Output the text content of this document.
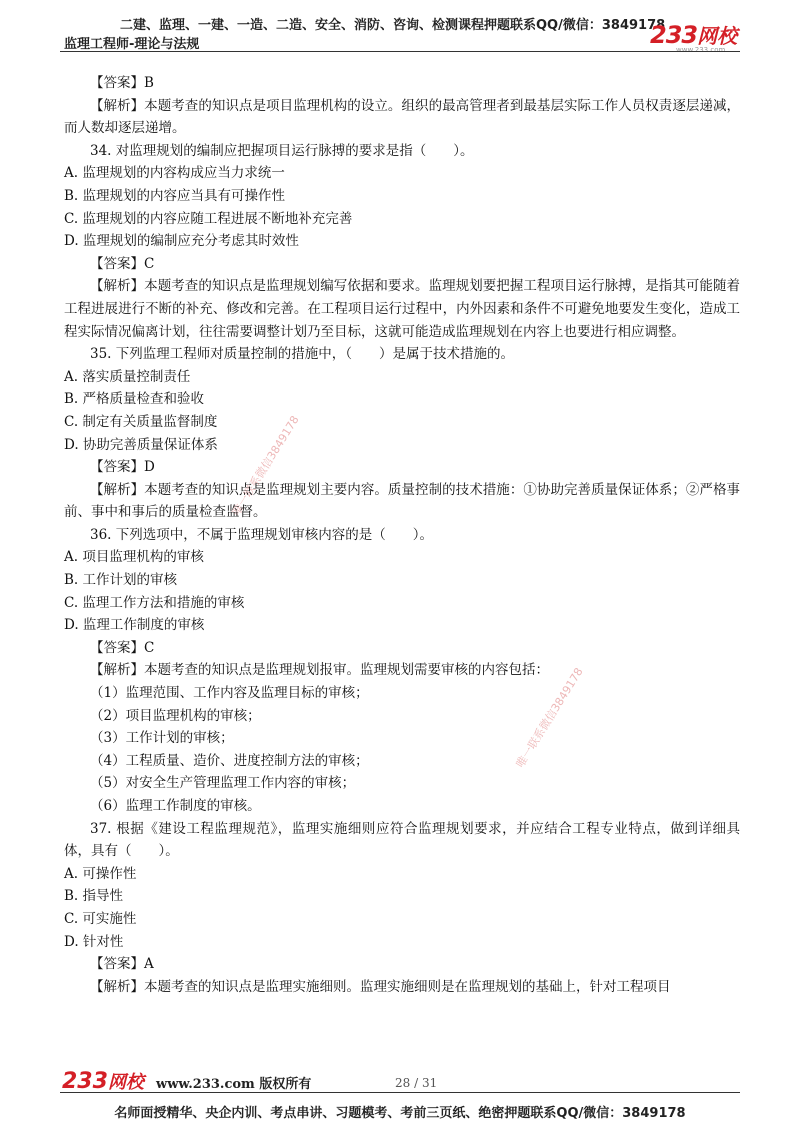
二建、监理、一建、一造、二造、安全、消防、咨询、检测课程押题联系QQ/微信：3849178
监理工程师-理论与法规	233网校
www.233.com
唯一联系微信3849178
唯一联系微信3849178
【答案】B
【解析】本题考查的知识点是项目监理机构的设立。组织的最高管理者到最基层实际工作人员权责逐层递减，而人数却逐层递增。
34. 对监理规划的编制应把握项目运行脉搏的要求是指（　　）。
A. 监理规划的内容构成应当力求统一
B. 监理规划的内容应当具有可操作性
C. 监理规划的内容应随工程进展不断地补充完善
D. 监理规划的编制应充分考虑其时效性
【答案】C
【解析】本题考查的知识点是监理规划编写依据和要求。监理规划要把握工程项目运行脉搏，是指其可能随着工程进展进行不断的补充、修改和完善。在工程项目运行过程中，内外因素和条件不可避免地要发生变化，造成工程实际情况偏离计划，往往需要调整计划乃至目标，这就可能造成监理规划在内容上也要进行相应调整。
35. 下列监理工程师对质量控制的措施中，（　　）是属于技术措施的。
A. 落实质量控制责任
B. 严格质量检查和验收
C. 制定有关质量监督制度
D. 协助完善质量保证体系
【答案】D
【解析】本题考查的知识点是监理规划主要内容。质量控制的技术措施：①协助完善质量保证体系；②严格事前、事中和事后的质量检查监督。
36. 下列选项中，不属于监理规划审核内容的是（　　）。
A. 项目监理机构的审核
B. 工作计划的审核
C. 监理工作方法和措施的审核
D. 监理工作制度的审核
【答案】C
【解析】本题考查的知识点是监理规划报审。监理规划需要审核的内容包括：
（1）监理范围、工作内容及监理目标的审核；
（2）项目监理机构的审核；
（3）工作计划的审核；
（4）工程质量、造价、进度控制方法的审核；
（5）对安全生产管理监理工作内容的审核；
（6）监理工作制度的审核。
37. 根据《建设工程监理规范》，监理实施细则应符合监理规划要求，并应结合工程专业特点，做到详细具体，具有（　　）。
A. 可操作性
B. 指导性
C. 可实施性
D. 针对性
【答案】A
【解析】本题考查的知识点是监理实施细则。监理实施细则是在监理规划的基础上，针对工程项目
233网校 www.233.com 版权所有	28 / 31
名师面授精华、央企内训、考点串讲、习题模考、考前三页纸、绝密押题联系QQ/微信：3849178
